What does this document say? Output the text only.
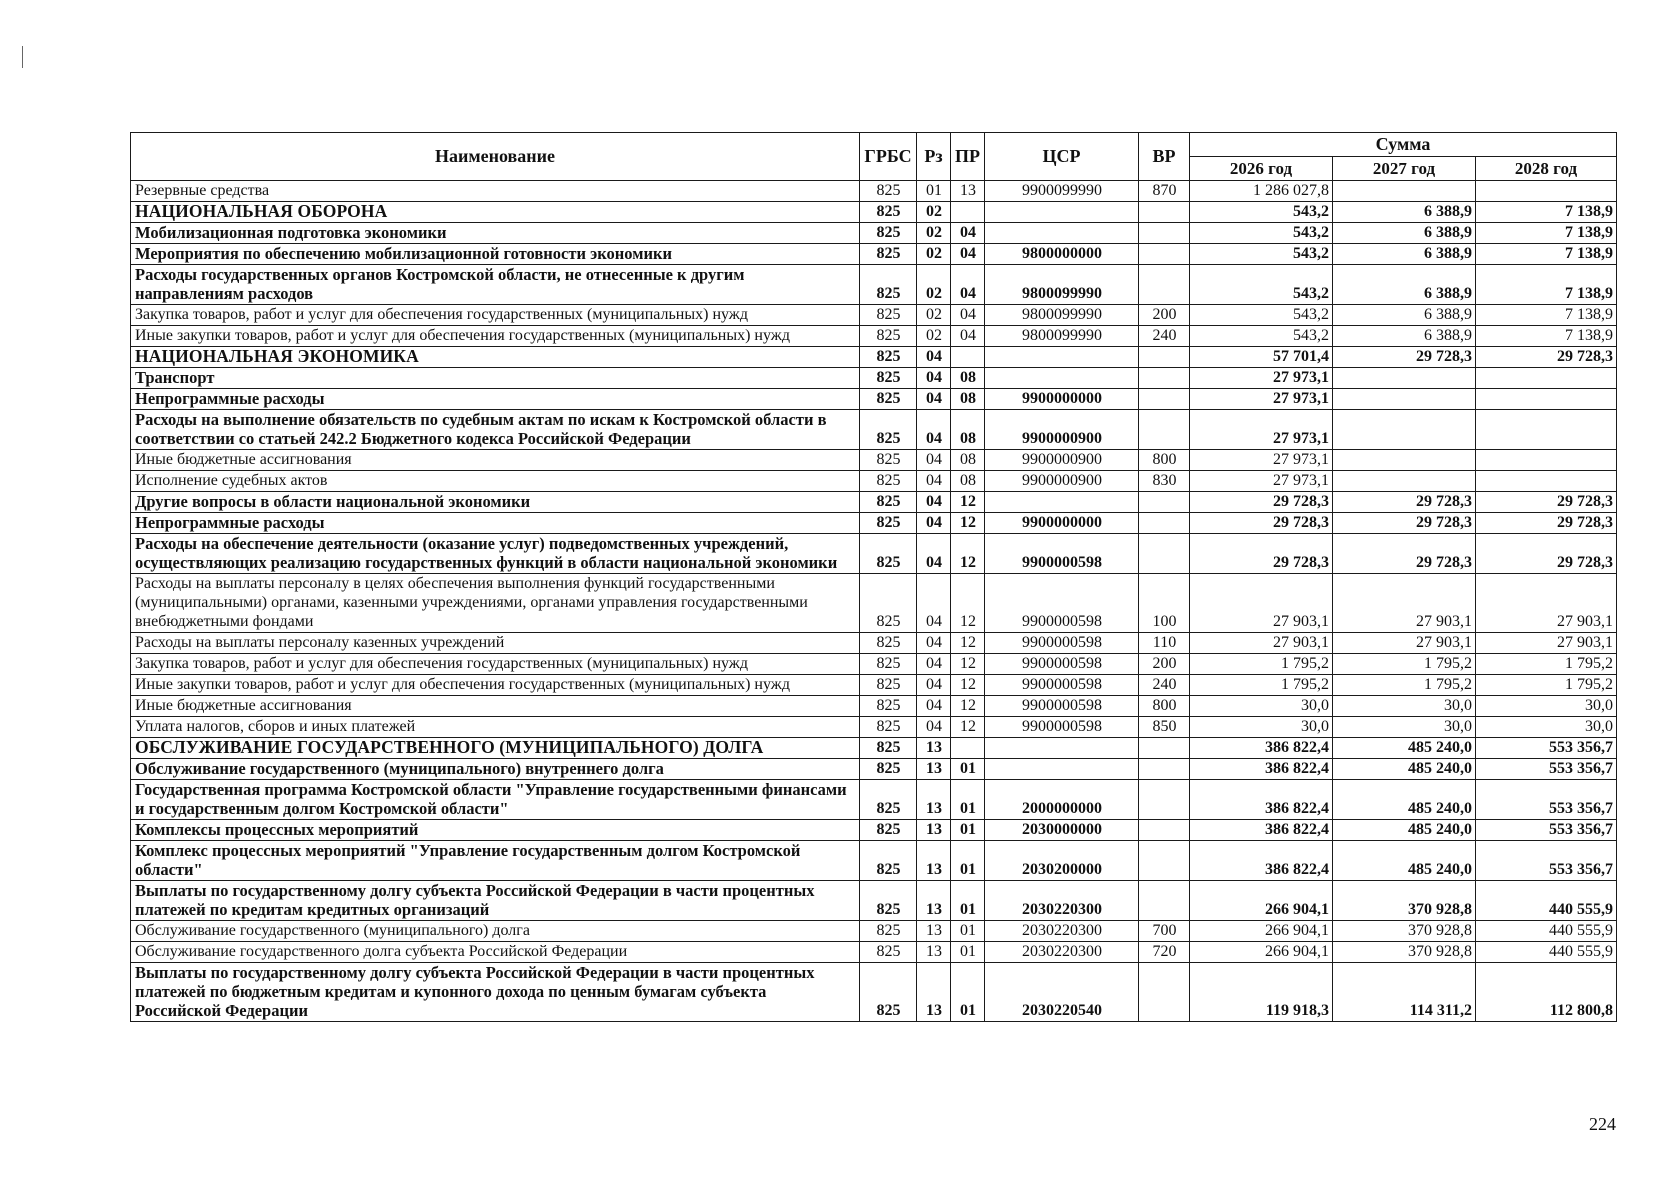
Наименование	ГРБС	Рз	ПР	ЦСР	ВР	Сумма		
						2026 год	2027 год	2028 год
Резервные средства	825	01	13	9900099990	870	1 286 027,8		
НАЦИОНАЛЬНАЯ ОБОРОНА	825	02				543,2	6 388,9	7 138,9
Мобилизационная подготовка экономики	825	02	04			543,2	6 388,9	7 138,9
Мероприятия по обеспечению мобилизационной готовности экономики	825	02	04	9800000000		543,2	6 388,9	7 138,9
Расходы государственных органов Костромской области, не отнесенные к другим направлениям расходов	825	02	04	9800099990		543,2	6 388,9	7 138,9
Закупка товаров, работ и услуг для обеспечения государственных (муниципальных) нужд	825	02	04	9800099990	200	543,2	6 388,9	7 138,9
Иные закупки товаров, работ и услуг для обеспечения государственных (муниципальных) нужд	825	02	04	9800099990	240	543,2	6 388,9	7 138,9
НАЦИОНАЛЬНАЯ ЭКОНОМИКА	825	04				57 701,4	29 728,3	29 728,3
Транспорт	825	04	08			27 973,1		
Непрограммные расходы	825	04	08	9900000000		27 973,1		
Расходы на выполнение обязательств по судебным актам по искам к Костромской области в соответствии со статьей 242.2 Бюджетного кодекса Российской Федерации	825	04	08	9900000900		27 973,1		
Иные бюджетные ассигнования	825	04	08	9900000900	800	27 973,1		
Исполнение судебных актов	825	04	08	9900000900	830	27 973,1		
Другие вопросы в области национальной экономики	825	04	12			29 728,3	29 728,3	29 728,3
Непрограммные расходы	825	04	12	9900000000		29 728,3	29 728,3	29 728,3
Расходы на обеспечение деятельности (оказание услуг) подведомственных учреждений, осуществляющих реализацию государственных функций в области национальной экономики	825	04	12	9900000598		29 728,3	29 728,3	29 728,3
Расходы на выплаты персоналу в целях обеспечения выполнения функций государственными (муниципальными) органами, казенными учреждениями, органами управления государственными внебюджетными фондами	825	04	12	9900000598	100	27 903,1	27 903,1	27 903,1
Расходы на выплаты персоналу казенных учреждений	825	04	12	9900000598	110	27 903,1	27 903,1	27 903,1
Закупка товаров, работ и услуг для обеспечения государственных (муниципальных) нужд	825	04	12	9900000598	200	1 795,2	1 795,2	1 795,2
Иные закупки товаров, работ и услуг для обеспечения государственных (муниципальных) нужд	825	04	12	9900000598	240	1 795,2	1 795,2	1 795,2
Иные бюджетные ассигнования	825	04	12	9900000598	800	30,0	30,0	30,0
Уплата налогов, сборов и иных платежей	825	04	12	9900000598	850	30,0	30,0	30,0
ОБСЛУЖИВАНИЕ ГОСУДАРСТВЕННОГО (МУНИЦИПАЛЬНОГО) ДОЛГА	825	13				386 822,4	485 240,0	553 356,7
Обслуживание государственного (муниципального) внутреннего долга	825	13	01			386 822,4	485 240,0	553 356,7
Государственная программа Костромской области "Управление государственными финансами и государственным долгом Костромской области"	825	13	01	2000000000		386 822,4	485 240,0	553 356,7
Комплексы процессных мероприятий	825	13	01	2030000000		386 822,4	485 240,0	553 356,7
Комплекс процессных мероприятий "Управление государственным долгом Костромской области"	825	13	01	2030200000		386 822,4	485 240,0	553 356,7
Выплаты по государственному долгу субъекта Российской Федерации в части процентных платежей по кредитам кредитных организаций	825	13	01	2030220300		266 904,1	370 928,8	440 555,9
Обслуживание государственного (муниципального) долга	825	13	01	2030220300	700	266 904,1	370 928,8	440 555,9
Обслуживание государственного долга субъекта Российской Федерации	825	13	01	2030220300	720	266 904,1	370 928,8	440 555,9
Выплаты по государственному долгу субъекта Российской Федерации в части процентных платежей по бюджетным кредитам и купонного дохода по ценным бумагам субъекта Российской Федерации	825	13	01	2030220540		119 918,3	114 311,2	112 800,8
224
